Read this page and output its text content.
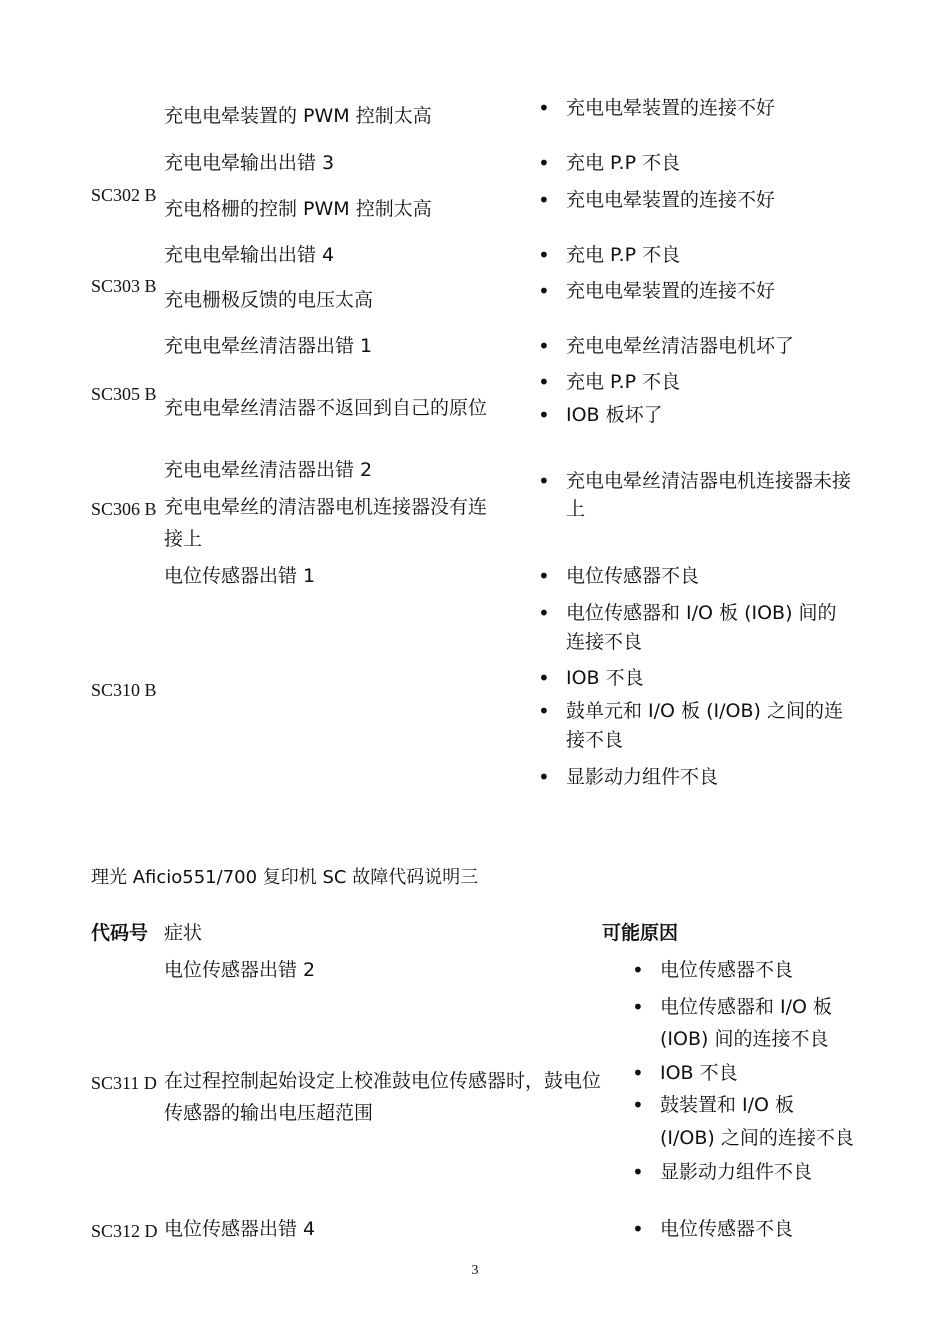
充电电晕装置的 PWM 控制太高
充电电晕输出出错 3
SC302 B
充电格栅的控制 PWM 控制太高
• 充电电晕装置的连接不好
• 充电 P.P 不良
• 充电电晕装置的连接不好
充电电晕输出出错 4
SC303 B
充电栅极反馈的电压太高
• 充电 P.P 不良
• 充电电晕装置的连接不好
充电电晕丝清洁器出错 1
SC305 B
充电电晕丝清洁器不返回到自己的原位
• 充电电晕丝清洁器电机坏了
• 充电 P.P 不良
• IOB 板坏了
充电电晕丝清洁器出错 2
SC306 B 充电电晕丝的清洁器电机连接器没有连
接上
• 充电电晕丝清洁器电机连接器未接
上
电位传感器出错 1
SC310 B
• 电位传感器不良
• 电位传感器和 I/O 板 (IOB) 间的
连接不良
• IOB 不良
• 鼓单元和 I/O 板 (I/OB) 之间的连
接不良
• 显影动力组件不良
理光 Aficio551/700 复印机 SC 故障代码说明三
代码号 症状	可能原因
电位传感器出错 2
SC311 D 在过程控制起始设定上校准鼓电位传感器时，鼓电位
传感器的输出电压超范围
• 电位传感器不良
• 电位传感器和 I/O 板
(IOB) 间的连接不良
• IOB 不良
• 鼓装置和 I/O 板
(I/OB) 之间的连接不良
• 显影动力组件不良
SC312 D 电位传感器出错 4	• 电位传感器不良
3
